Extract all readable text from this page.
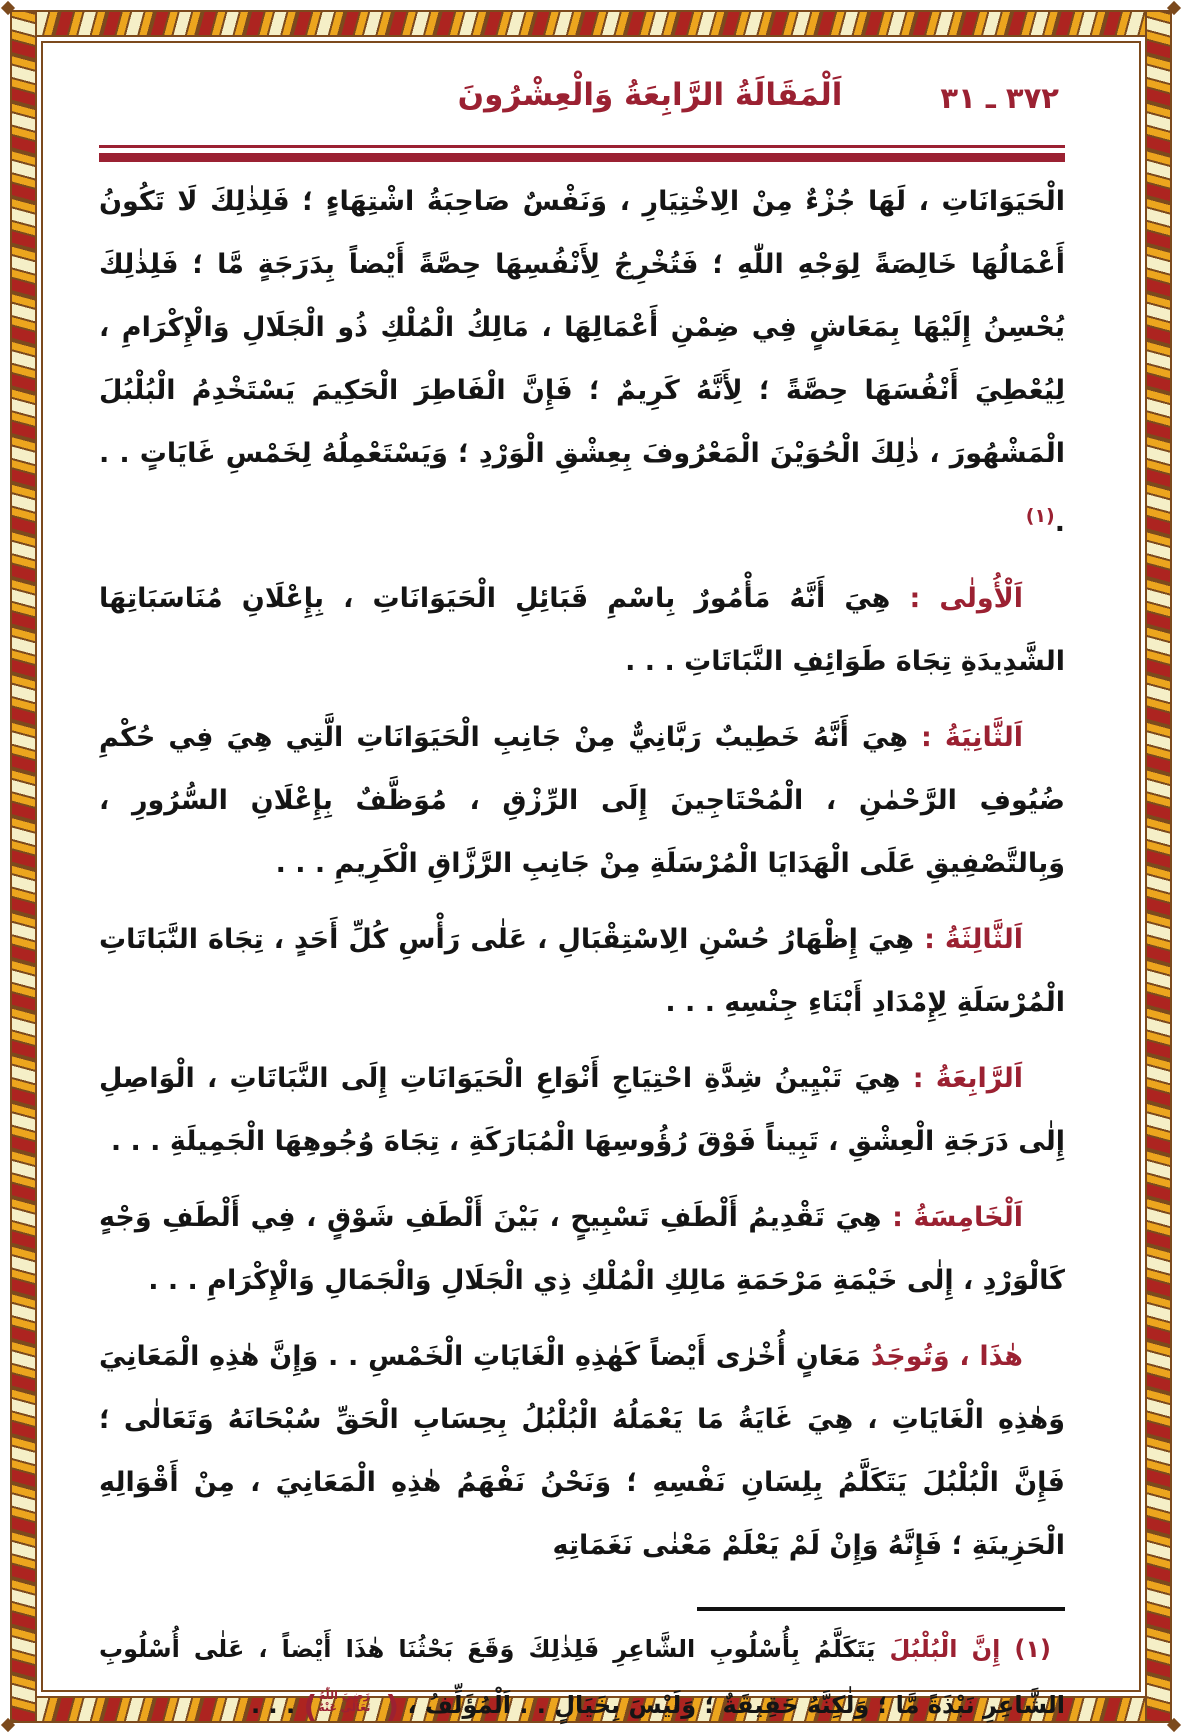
٣٧٢ ـ ٣١
اَلْمَقَالَةُ الرَّابِعَةُ وَالْعِشْرُونَ

الْحَيَوَانَاتِ ، لَهَا جُزْءٌ مِنْ الِاخْتِيَارِ ، وَنَفْسٌ صَاحِبَةُ اشْتِهَاءٍ ؛ فَلِذٰلِكَ لَا تَكُونُ أَعْمَالُهَا خَالِصَةً لِوَجْهِ اللّٰهِ ؛ فَتُخْرِجُ لِأَنْفُسِهَا حِصَّةً أَيْضاً بِدَرَجَةٍ مَّا ؛ فَلِذٰلِكَ يُحْسِنُ إِلَيْهَا بِمَعَاشٍ فِي ضِمْنِ أَعْمَالِهَا ، مَالِكُ الْمُلْكِ ذُو الْجَلَالِ وَالْإِكْرَامِ ، لِيُعْطِيَ أَنْفُسَهَا حِصَّةً ؛ لِأَنَّهُ كَرِيمٌ ؛ فَإِنَّ الْفَاطِرَ الْحَكِيمَ يَسْتَخْدِمُ الْبُلْبُلَ الْمَشْهُورَ ، ذٰلِكَ الْحُوَيْنَ الْمَعْرُوفَ بِعِشْقِ الْوَرْدِ ؛ وَيَسْتَعْمِلُهُ لِخَمْسِ غَايَاتٍ . . .$^{(١)}$

اَلْأُولٰى : هِيَ أَنَّهُ مَأْمُورٌ بِاسْمِ قَبَائِلِ الْحَيَوَانَاتِ ، بِإِعْلَانِ مُنَاسَبَاتِهَا الشَّدِيدَةِ تِجَاهَ طَوَائِفِ النَّبَاتَاتِ . . .

اَلثَّانِيَةُ : هِيَ أَنَّهُ خَطِيبٌ رَبَّانِيٌّ مِنْ جَانِبِ الْحَيَوَانَاتِ الَّتِي هِيَ فِي حُكْمِ ضُيُوفِ الرَّحْمٰنِ ، الْمُحْتَاجِينَ إِلَى الرِّزْقِ ، مُوَظَّفٌ بِإِعْلَانِ السُّرُورِ ، وَبِالتَّصْفِيقِ عَلَى الْهَدَايَا الْمُرْسَلَةِ مِنْ جَانِبِ الرَّزَّاقِ الْكَرِيمِ . . .

اَلثَّالِثَةُ : هِيَ إِظْهَارُ حُسْنِ الِاسْتِقْبَالِ ، عَلٰى رَأْسِ كُلِّ أَحَدٍ ، تِجَاهَ النَّبَاتَاتِ الْمُرْسَلَةِ لِإِمْدَادِ أَبْنَاءِ جِنْسِهِ . . .

اَلرَّابِعَةُ : هِيَ تَبْيِينُ شِدَّةِ احْتِيَاجِ أَنْوَاعِ الْحَيَوَانَاتِ إِلَى النَّبَاتَاتِ ، الْوَاصِلِ إِلٰى دَرَجَةِ الْعِشْقِ ، تَبِيناً فَوْقَ رُؤُوسِهَا الْمُبَارَكَةِ ، تِجَاهَ وُجُوهِهَا الْجَمِيلَةِ . . .

اَلْخَامِسَةُ : هِيَ تَقْدِيمُ أَلْطَفِ تَسْبِيحٍ ، بَيْنَ أَلْطَفِ شَوْقٍ ، فِي أَلْطَفِ وَجْهٍ كَالْوَرْدِ ، إِلٰى خَيْمَةِ مَرْحَمَةِ مَالِكِ الْمُلْكِ ذِي الْجَلَالِ وَالْجَمَالِ وَالْإِكْرَامِ . . .

هٰذَا ، وَتُوجَدُ مَعَانٍ أُخْرٰى أَيْضاً كَهٰذِهِ الْغَايَاتِ الْخَمْسِ . . وَإِنَّ هٰذِهِ الْمَعَانِيَ وَهٰذِهِ الْغَايَاتِ ، هِيَ غَايَةُ مَا يَعْمَلُهُ الْبُلْبُلُ بِحِسَابِ الْحَقِّ سُبْحَانَهُ وَتَعَالٰى ؛ فَإِنَّ الْبُلْبُلَ يَتَكَلَّمُ بِلِسَانِ نَفْسِهِ ؛ وَنَحْنُ نَفْهَمُ هٰذِهِ الْمَعَانِيَ ، مِنْ أَقْوَالِهِ الْحَزِينَةِ ؛ فَإِنَّهُ وَإِنْ لَمْ يَعْلَمْ مَعْنٰى نَغَمَاتِهِ

(١) إِنَّ الْبُلْبُلَ يَتَكَلَّمُ بِأُسْلُوبِ الشَّاعِرِ فَلِذٰلِكَ وَقَعَ بَحْثُنَا هٰذَا أَيْضاً ، عَلٰى أُسْلُوبِ الشَّاعِرِ نَبْذَةً مَّا ؛ وَلٰكِنَّهُ حَقِيقَةٌ ؛ وَلَيْسَ بِخَيَالٍ . . اَلْمُؤَلِّفُ ، (
رَضِيَ اللّٰهُ
تَعَالٰى عَنْهُ
) . . .
